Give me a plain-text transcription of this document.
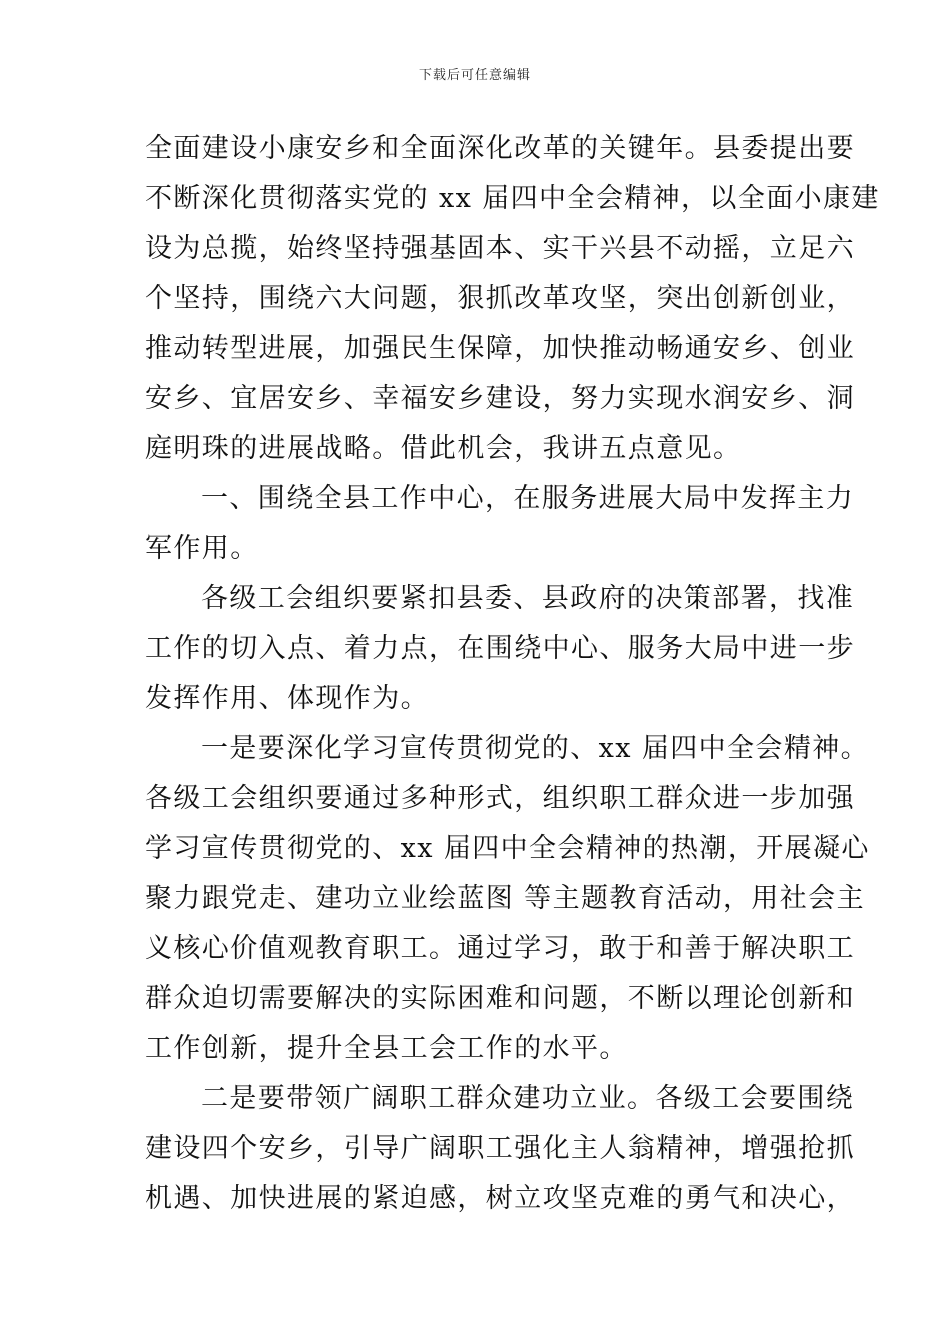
下载后可任意编辑
全面建设小康安乡和全面深化改革的关键年。县委提出要
不断深化贯彻落实党的 xx 届四中全会精神，以全面小康建
设为总揽，始终坚持强基固本、实干兴县不动摇，立足六
个坚持，围绕六大问题，狠抓改革攻坚，突出创新创业，
推动转型进展，加强民生保障，加快推动畅通安乡、创业
安乡、宜居安乡、幸福安乡建设，努力实现水润安乡、洞
庭明珠的进展战略。借此机会，我讲五点意见。
一、围绕全县工作中心，在服务进展大局中发挥主力
军作用。
各级工会组织要紧扣县委、县政府的决策部署，找准
工作的切入点、着力点，在围绕中心、服务大局中进一步
发挥作用、体现作为。
一是要深化学习宣传贯彻党的、xx 届四中全会精神。
各级工会组织要通过多种形式，组织职工群众进一步加强
学习宣传贯彻党的、xx 届四中全会精神的热潮，开展凝心
聚力跟党走、建功立业绘蓝图 等主题教育活动，用社会主
义核心价值观教育职工。通过学习，敢于和善于解决职工
群众迫切需要解决的实际困难和问题，不断以理论创新和
工作创新，提升全县工会工作的水平。
二是要带领广阔职工群众建功立业。各级工会要围绕
建设四个安乡，引导广阔职工强化主人翁精神，增强抢抓
机遇、加快进展的紧迫感，树立攻坚克难的勇气和决心，
